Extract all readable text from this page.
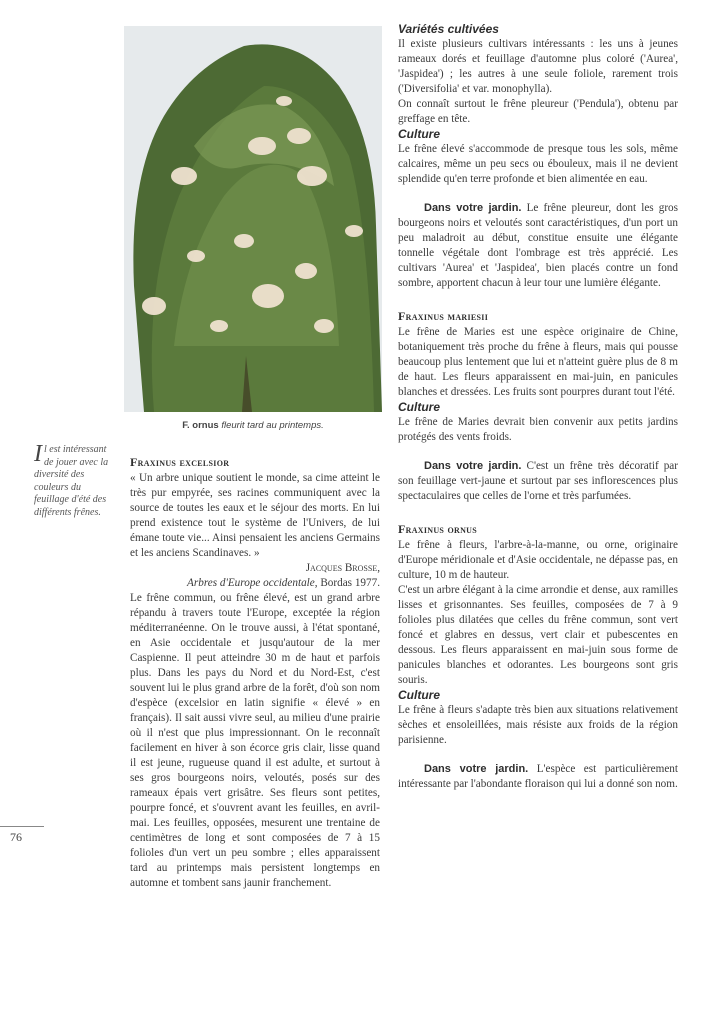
F. ornus fleurit tard au printemps.
Il est intéressant de jouer avec la diversité des couleurs du feuillage d'été des différents frênes.
76
Fraxinus excelsior

« Un arbre unique soutient le monde, sa cime atteint le très pur empyrée, ses racines communiquent avec la source de toutes les eaux et le séjour des morts. En lui prend existence tout le système de l'Univers, de lui émane toute vie... Ainsi pensaient les anciens Germains et les anciens Scandinaves. »

Jacques Brosse,

Arbres d'Europe occidentale, Bordas 1977.

Le frêne commun, ou frêne élevé, est un grand arbre répandu à travers toute l'Europe, exceptée la région méditerranéenne. On le trouve aussi, à l'état spontané, en Asie occidentale et jusqu'autour de la mer Caspienne. Il peut atteindre 30 m de haut et parfois plus. Dans les pays du Nord et du Nord-Est, c'est souvent lui le plus grand arbre de la forêt, d'où son nom d'espèce (excelsior en latin signifie « élevé » en français). Il sait aussi vivre seul, au milieu d'une prairie où il n'est que plus impressionnant. On le reconnaît facilement en hiver à son écorce gris clair, lisse quand il est jeune, rugueuse quand il est adulte, et surtout à ses gros bourgeons noirs, veloutés, posés sur des rameaux épais vert grisâtre. Ses fleurs sont petites, pourpre foncé, et s'ouvrent avant les feuilles, en avril-mai. Les feuilles, opposées, mesurent une trentaine de centimètres de long et sont composées de 7 à 15 folioles d'un vert un peu sombre ; elles apparaissent tard au printemps mais persistent longtemps en automne et tombent sans jaunir franchement.

Variétés cultivées

Il existe plusieurs cultivars intéressants : les uns à jeunes rameaux dorés et feuillage d'automne plus coloré ('Aurea', 'Jaspidea') ; les autres à une seule foliole, rarement trois ('Diversifolia' et var. monophylla).

On connaît surtout le frêne pleureur ('Pendula'), obtenu par greffage en tête.

Culture

Le frêne élevé s'accommode de presque tous les sols, même calcaires, même un peu secs ou ébouleux, mais il ne devient splendide qu'en terre profonde et bien alimentée en eau.

Dans votre jardin. Le frêne pleureur, dont les gros bourgeons noirs et veloutés sont caractéristiques, d'un port un peu maladroit au début, constitue ensuite une élégante tonnelle végétale dont l'ombrage est très apprécié. Les cultivars 'Aurea' et 'Jaspidea', bien placés contre un fond sombre, apportent chacun à leur tour une lumière élégante.

Fraxinus mariesii

Le frêne de Maries est une espèce originaire de Chine, botaniquement très proche du frêne à fleurs, mais qui pousse beaucoup plus lentement que lui et n'atteint guère plus de 8 m de haut. Les fleurs apparaissent en mai-juin, en panicules blanches et dressées. Les fruits sont pourpres durant tout l'été.

Culture

Le frêne de Maries devrait bien convenir aux petits jardins protégés des vents froids.

Dans votre jardin. C'est un frêne très décoratif par son feuillage vert-jaune et surtout par ses inflorescences plus spectaculaires que celles de l'orne et très parfumées.

Fraxinus ornus

Le frêne à fleurs, l'arbre-à-la-manne, ou orne, originaire d'Europe méridionale et d'Asie occidentale, ne dépasse pas, en culture, 10 m de hauteur.

C'est un arbre élégant à la cime arrondie et dense, aux ramilles lisses et grisonnantes. Ses feuilles, composées de 7 à 9 folioles plus dilatées que celles du frêne commun, sont vert foncé et glabres en dessus, vert clair et pubescentes en dessous. Les fleurs apparaissent en mai-juin sous forme de panicules blanches et odorantes. Les bourgeons sont gris souris.

Culture

Le frêne à fleurs s'adapte très bien aux situations relativement sèches et ensoleillées, mais résiste aux froids de la région parisienne.

Dans votre jardin. L'espèce est particulièrement intéressante par l'abondante floraison qui lui a donné son nom.
